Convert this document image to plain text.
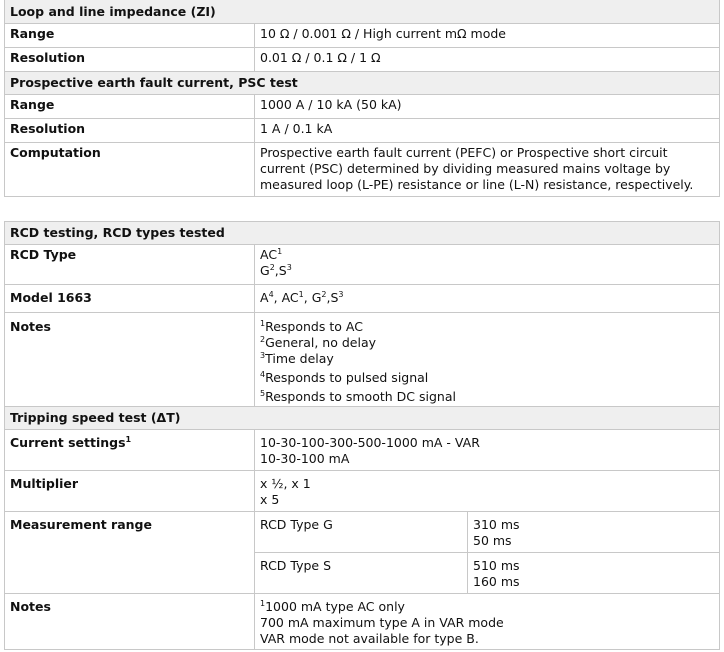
Loop and line impedance (ZI)	
Range	10 Ω / 0.001 Ω / High current mΩ mode
Resolution	0.01 Ω / 0.1 Ω / 1 Ω
Prospective earth fault current, PSC test	
Range	1000 A / 10 kA (50 kA)
Resolution	1 A / 0.1 kA
Computation	Prospective earth fault current (PEFC) or Prospective short circuit current (PSC) determined by dividing measured mains voltage by measured loop (L-PE) resistance or line (L-N) resistance, respectively.
RCD testing, RCD types tested		
RCD Type	$AC^1$
$G^2,S^3$

Model 1663	$A^4$, $AC^1$, $G^2,S^3$
Notes	$^1$Responds to AC
$^2$General, no delay
$^3$Time delay
$^4$Responds to pulsed signal
$^5$Responds to smooth DC signal	

Tripping speed test (ΔT)		
Current settings$^1$	10-30-100-300-500-1000 mA - VAR
10-30-100 mA	

Multiplier	x ½, x 1
x 5	

Measurement range	RCD Type G	310 ms
50 ms

	RCD Type S	510 ms
160 ms

Notes	$^1$1000 mA type AC only
700 mA maximum type A in VAR mode
VAR mode not available for type B.	
